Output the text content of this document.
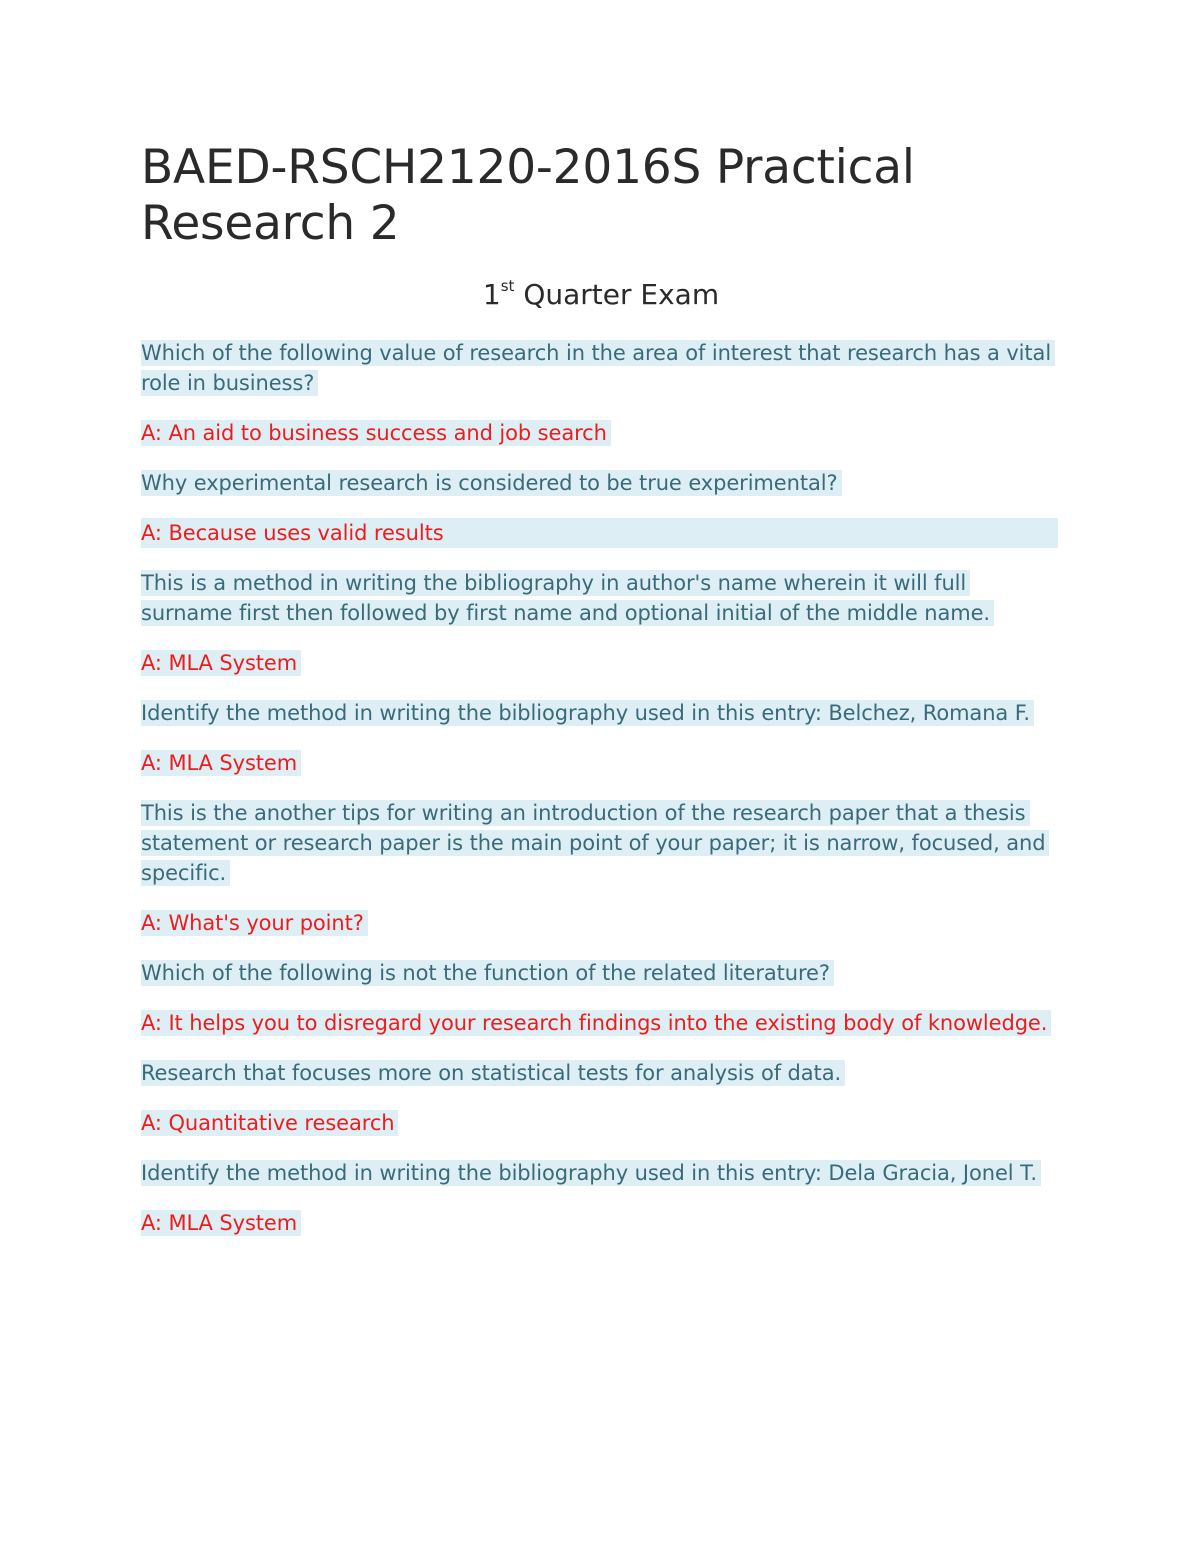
BAED-RSCH2120-2016S Practical Research 2
1st Quarter Exam

Which of the following value of research in the area of interest that research has a vital role in business?

A: An aid to business success and job search

Why experimental research is considered to be true experimental?

A: Because uses valid results

This is a method in writing the bibliography in author's name wherein it will full surname first then followed by first name and optional initial of the middle name.

A: MLA System

Identify the method in writing the bibliography used in this entry: Belchez, Romana F.

A: MLA System

This is the another tips for writing an introduction of the research paper that a thesis statement or research paper is the main point of your paper; it is narrow, focused, and specific.

A: What's your point?

Which of the following is not the function of the related literature?

A: It helps you to disregard your research findings into the existing body of knowledge.

Research that focuses more on statistical tests for analysis of data.

A: Quantitative research

Identify the method in writing the bibliography used in this entry: Dela Gracia, Jonel T.

A: MLA System
